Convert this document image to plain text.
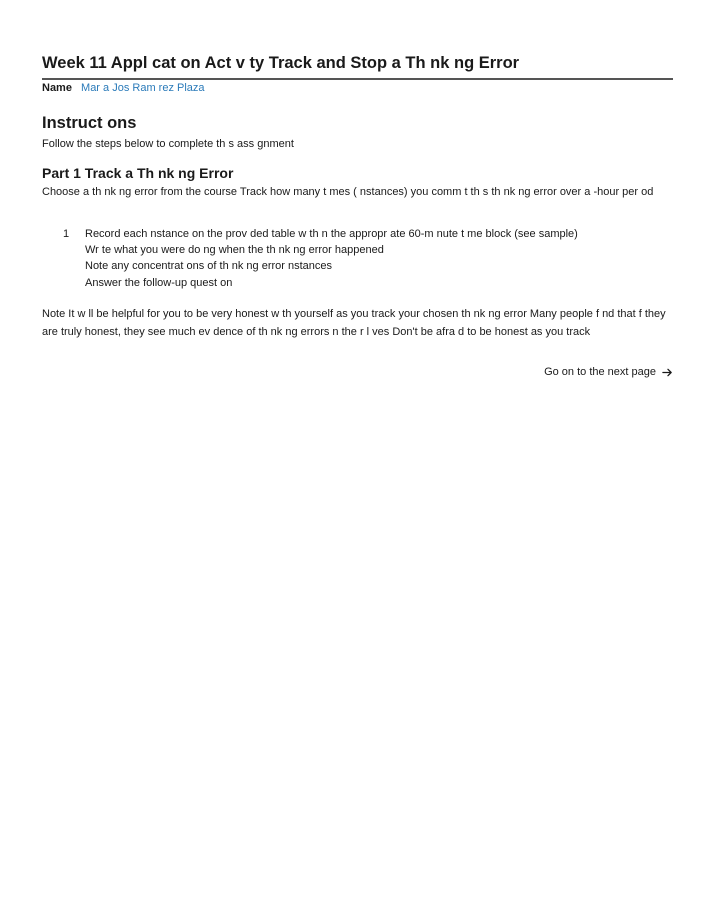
Week 11 Appl cat on Act v ty Track and Stop a Th nk ng Error
Name Mar a Jos Ram rez Plaza
Instruct ons
Follow the steps below to complete th s ass gnment
Part 1 Track a Th nk ng Error

Choose a th nk ng error from the course Track how many t mes ( nstances) you comm t th s th nk ng error over a -hour per od

1 Record each nstance on the prov ded table w th n the appropr ate 60-m nute t me block (see sample)
Wr te what you were do ng when the th nk ng error happened
Note any concentrat ons of th nk ng error nstances
Answer the follow-up quest on

Note It w ll be helpful for you to be very honest w th yourself as you track your chosen th nk ng error Many people f nd that f they are truly honest, they see much ev dence of th nk ng errors n the r l ves Don't be afra d to be honest as you track

Go on to the next page
